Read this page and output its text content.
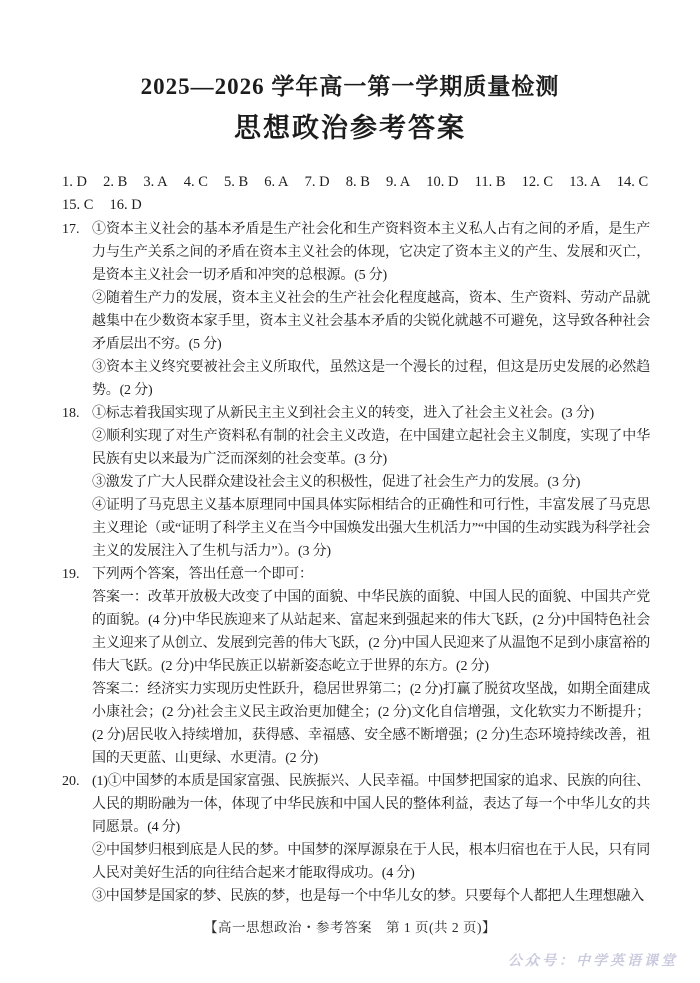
2025—2026 学年高一第一学期质量检测
思想政治参考答案
1. D 2. B 3. A 4. C 5. B 6. A 7. D 8. B 9. A 10. D 11. B 12. C 13. A 14. C
15. C 16. D
17. ①资本主义社会的基本矛盾是生产社会化和生产资料资本主义私人占有之间的矛盾，是生产力与生产关系之间的矛盾在资本主义社会的体现，它决定了资本主义的产生、发展和灭亡，是资本主义社会一切矛盾和冲突的总根源。(5 分)

②随着生产力的发展，资本主义社会的生产社会化程度越高，资本、生产资料、劳动产品就越集中在少数资本家手里，资本主义社会基本矛盾的尖锐化就越不可避免，这导致各种社会矛盾层出不穷。(5 分)

③资本主义终究要被社会主义所取代，虽然这是一个漫长的过程，但这是历史发展的必然趋势。(2 分)

18. ①标志着我国实现了从新民主主义到社会主义的转变，进入了社会主义社会。(3 分)

②顺利实现了对生产资料私有制的社会主义改造，在中国建立起社会主义制度，实现了中华民族有史以来最为广泛而深刻的社会变革。(3 分)

③激发了广大人民群众建设社会主义的积极性，促进了社会生产力的发展。(3 分)

④证明了马克思主义基本原理同中国具体实际相结合的正确性和可行性，丰富发展了马克思主义理论（或“证明了科学主义在当今中国焕发出强大生机活力”“中国的生动实践为科学社会主义的发展注入了生机与活力”）。(3 分)

19. 下列两个答案，答出任意一个即可：

答案一：改革开放极大改变了中国的面貌、中华民族的面貌、中国人民的面貌、中国共产党的面貌。(4 分)中华民族迎来了从站起来、富起来到强起来的伟大飞跃，(2 分)中国特色社会主义迎来了从创立、发展到完善的伟大飞跃，(2 分)中国人民迎来了从温饱不足到小康富裕的伟大飞跃。(2 分)中华民族正以崭新姿态屹立于世界的东方。(2 分)

答案二：经济实力实现历史性跃升，稳居世界第二；(2 分)打赢了脱贫攻坚战，如期全面建成小康社会；(2 分)社会主义民主政治更加健全；(2 分)文化自信增强，文化软实力不断提升；(2 分)居民收入持续增加，获得感、幸福感、安全感不断增强；(2 分)生态环境持续改善，祖国的天更蓝、山更绿、水更清。(2 分)

20. (1)①中国梦的本质是国家富强、民族振兴、人民幸福。中国梦把国家的追求、民族的向往、人民的期盼融为一体，体现了中华民族和中国人民的整体利益，表达了每一个中华儿女的共同愿景。(4 分)

②中国梦归根到底是人民的梦。中国梦的深厚源泉在于人民，根本归宿也在于人民，只有同人民对美好生活的向往结合起来才能取得成功。(4 分)

③中国梦是国家的梦、民族的梦，也是每一个中华儿女的梦。只要每个人都把人生理想融入

【高一思想政治・参考答案　第 1 页(共 2 页)】
公众号：中学英语课堂
